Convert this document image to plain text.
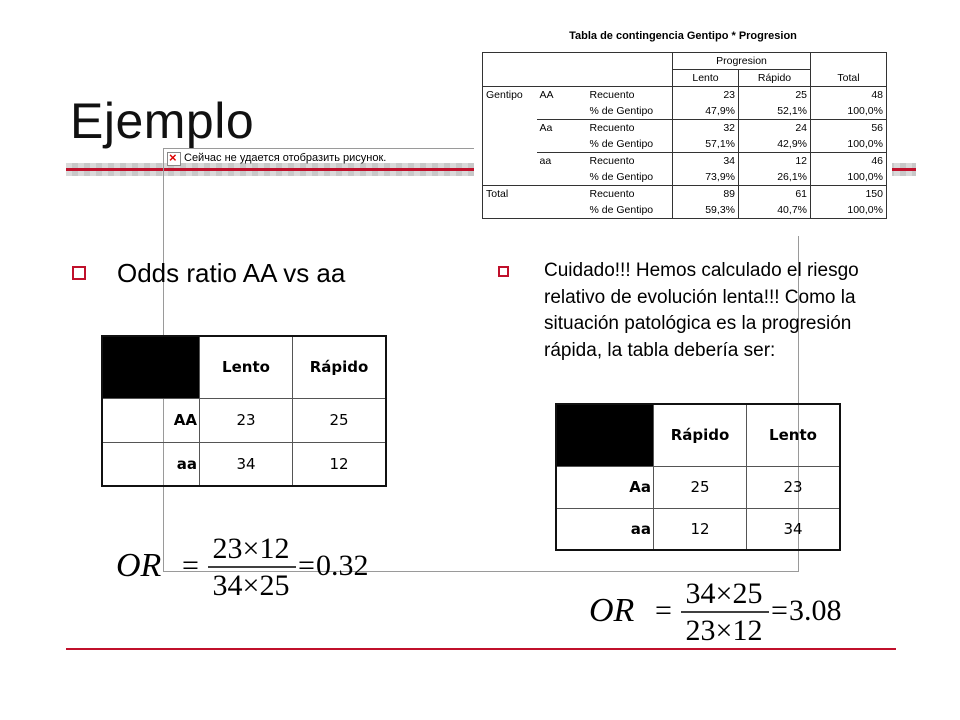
Ejemplo
×
Сейчас не удается отобразить рисунок.
Tabla de contingencia Gentipo * Progresion
			Progresion		
			Lento	Rápido	Total
Gentipo	AA	Recuento	23	25	48
		% de Gentipo	47,9%	52,1%	100,0%
	Aa	Recuento	32	24	56
		% de Gentipo	57,1%	42,9%	100,0%
	aa	Recuento	34	12	46
		% de Gentipo	73,9%	26,1%	100,0%
Total		Recuento	89	61	150
		% de Gentipo	59,3%	40,7%	100,0%
Odds ratio AA vs aa
	Lento	Rápido
AA	23	25
aa	34	12
OR =
23×12
34×25
= 0.32
Cuidado!!! Hemos calculado el riesgo relativo de evolución lenta!!! Como la situación patológica es la progresión rápida, la tabla debería ser:
	Rápido	Lento
Aa	25	23
aa	12	34
OR =
34×25
23×12
= 3.08
